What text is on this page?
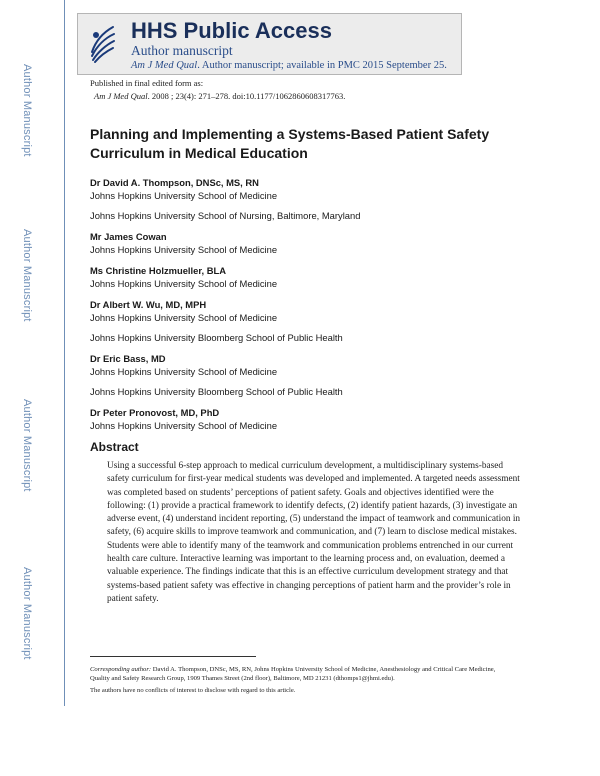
Author Manuscript
Author Manuscript
Author Manuscript
Author Manuscript
HHS Public Access
Author manuscript
Am J Med Qual. Author manuscript; available in PMC 2015 September 25.
Published in final edited form as:
Am J Med Qual. 2008 ; 23(4): 271–278. doi:10.1177/1062860608317763.
Planning and Implementing a Systems-Based Patient Safety Curriculum in Medical Education
Dr David A. Thompson, DNSc, MS, RN
Johns Hopkins University School of Medicine
Johns Hopkins University School of Nursing, Baltimore, Maryland
Mr James Cowan
Johns Hopkins University School of Medicine
Ms Christine Holzmueller, BLA
Johns Hopkins University School of Medicine
Dr Albert W. Wu, MD, MPH
Johns Hopkins University School of Medicine
Johns Hopkins University Bloomberg School of Public Health
Dr Eric Bass, MD
Johns Hopkins University School of Medicine
Johns Hopkins University Bloomberg School of Public Health
Dr Peter Pronovost, MD, PhD
Johns Hopkins University School of Medicine
Abstract
Using a successful 6-step approach to medical curriculum development, a multidisciplinary systems-based safety curriculum for first-year medical students was developed and implemented. A targeted needs assessment was completed based on students’ perceptions of patient safety. Goals and objectives identified were the following: (1) provide a practical framework to identify defects, (2) identify patient hazards, (3) investigate an adverse event, (4) understand incident reporting, (5) understand the impact of teamwork and communication in safety, (6) acquire skills to improve teamwork and communication, and (7) learn to disclose medical mistakes. Students were able to identify many of the teamwork and communication problems entrenched in our current health care culture. Interactive learning was important to the learning process and, on evaluation, deemed a valuable experience. The findings indicate that this is an effective curriculum development strategy and that systems-based patient safety was effective in changing perceptions of patient harm and the provider’s role in patient safety.
Corresponding author: David A. Thompson, DNSc, MS, RN, Johns Hopkins University School of Medicine, Anesthesiology and Critical Care Medicine, Quality and Safety Research Group, 1909 Thames Street (2nd floor), Baltimore, MD 21231 (dthomps1@jhmi.edu).
The authors have no conflicts of interest to disclose with regard to this article.
